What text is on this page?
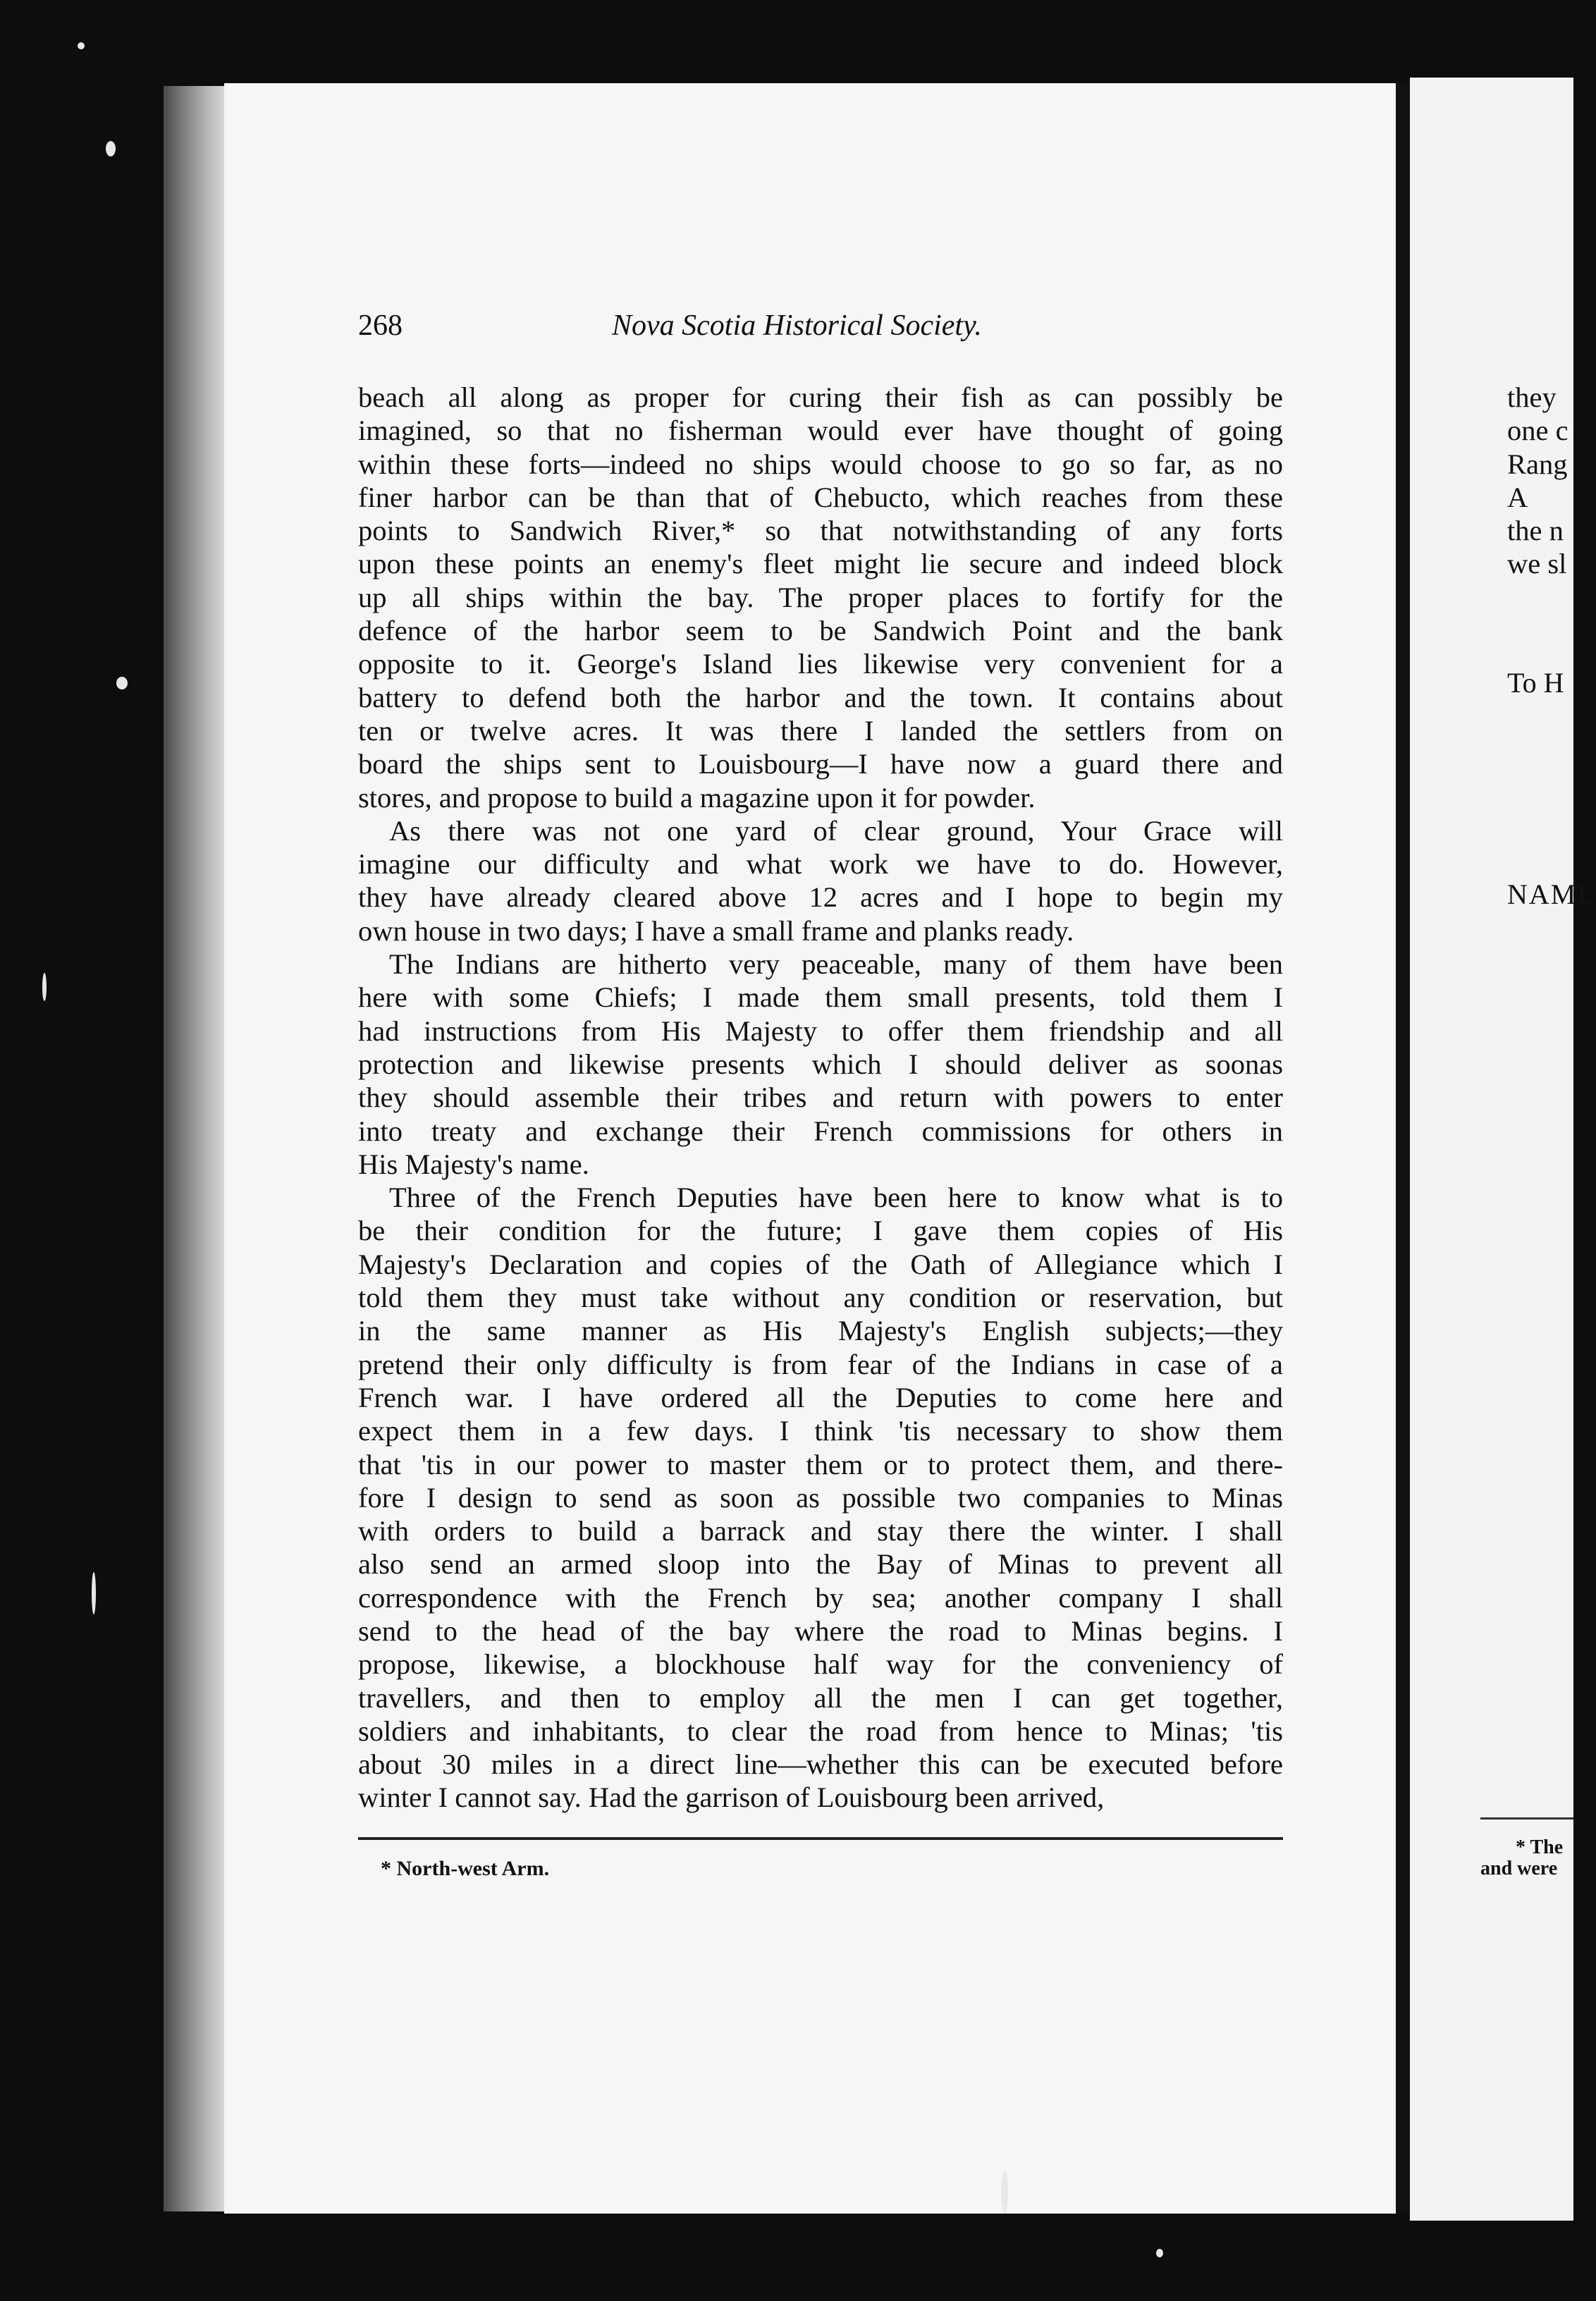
268	Nova Scotia Historical Society.
beach all along as proper for curing their fish as can possibly be
imagined, so that no fisherman would ever have thought of going
within these forts—indeed no ships would choose to go so far, as no
finer harbor can be than that of Chebucto, which reaches from these
points to Sandwich River,* so that notwithstanding of any forts
upon these points an enemy's fleet might lie secure and indeed block
up all ships within the bay. The proper places to fortify for the
defence of the harbor seem to be Sandwich Point and the bank
opposite to it. George's Island lies likewise very convenient for a
battery to defend both the harbor and the town. It contains about
ten or twelve acres. It was there I landed the settlers from on
board the ships sent to Louisbourg—I have now a guard there and
stores, and propose to build a magazine upon it for powder.
As there was not one yard of clear ground, Your Grace will
imagine our difficulty and what work we have to do. However,
they have already cleared above 12 acres and I hope to begin my
own house in two days; I have a small frame and planks ready.
The Indians are hitherto very peaceable, many of them have been
here with some Chiefs; I made them small presents, told them I
had instructions from His Majesty to offer them friendship and all
protection and likewise presents which I should deliver as soonas
they should assemble their tribes and return with powers to enter
into treaty and exchange their French commissions for others in
His Majesty's name.
Three of the French Deputies have been here to know what is to
be their condition for the future; I gave them copies of His
Majesty's Declaration and copies of the Oath of Allegiance which I
told them they must take without any condition or reservation, but
in the same manner as His Majesty's English subjects;—they
pretend their only difficulty is from fear of the Indians in case of a
French war. I have ordered all the Deputies to come here and
expect them in a few days. I think 'tis necessary to show them
that 'tis in our power to master them or to protect them, and there-
fore I design to send as soon as possible two companies to Minas
with orders to build a barrack and stay there the winter. I shall
also send an armed sloop into the Bay of Minas to prevent all
correspondence with the French by sea; another company I shall
send to the head of the bay where the road to Minas begins. I
propose, likewise, a blockhouse half way for the conveniency of
travellers, and then to employ all the men I can get together,
soldiers and inhabitants, to clear the road from hence to Minas; 'tis
about 30 miles in a direct line—whether this can be executed before
winter I cannot say. Had the garrison of Louisbourg been arrived,
* North-west Arm.
they
one c
Rang
A
the n
we sl
To H
NAME
* The
and were
